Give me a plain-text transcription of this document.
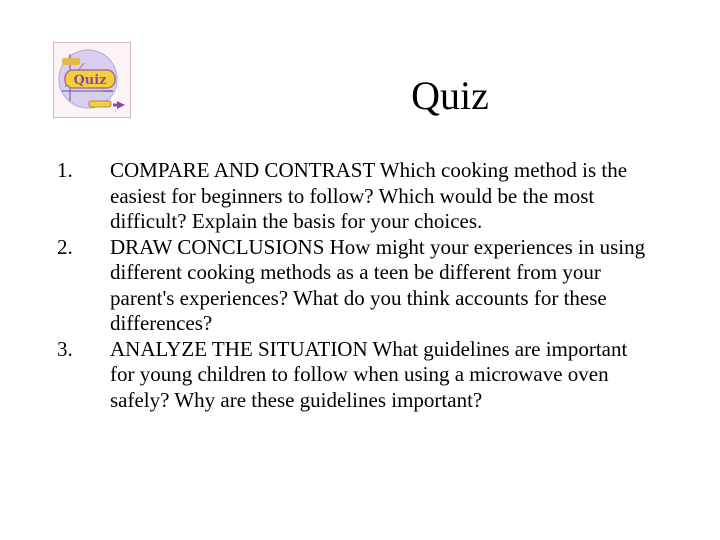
Quiz	Quiz
1. COMPARE AND CONTRAST Which cooking method is the easiest for beginners to follow? Which would be the most difficult? Explain the basis for your choices.
2. DRAW CONCLUSIONS How might your experiences in using different cooking methods as a teen be different from your parent's experiences? What do you think accounts for these differences?
3. ANALYZE THE SITUATION What guidelines are important for young children to follow when using a microwave oven safely? Why are these guidelines important?
